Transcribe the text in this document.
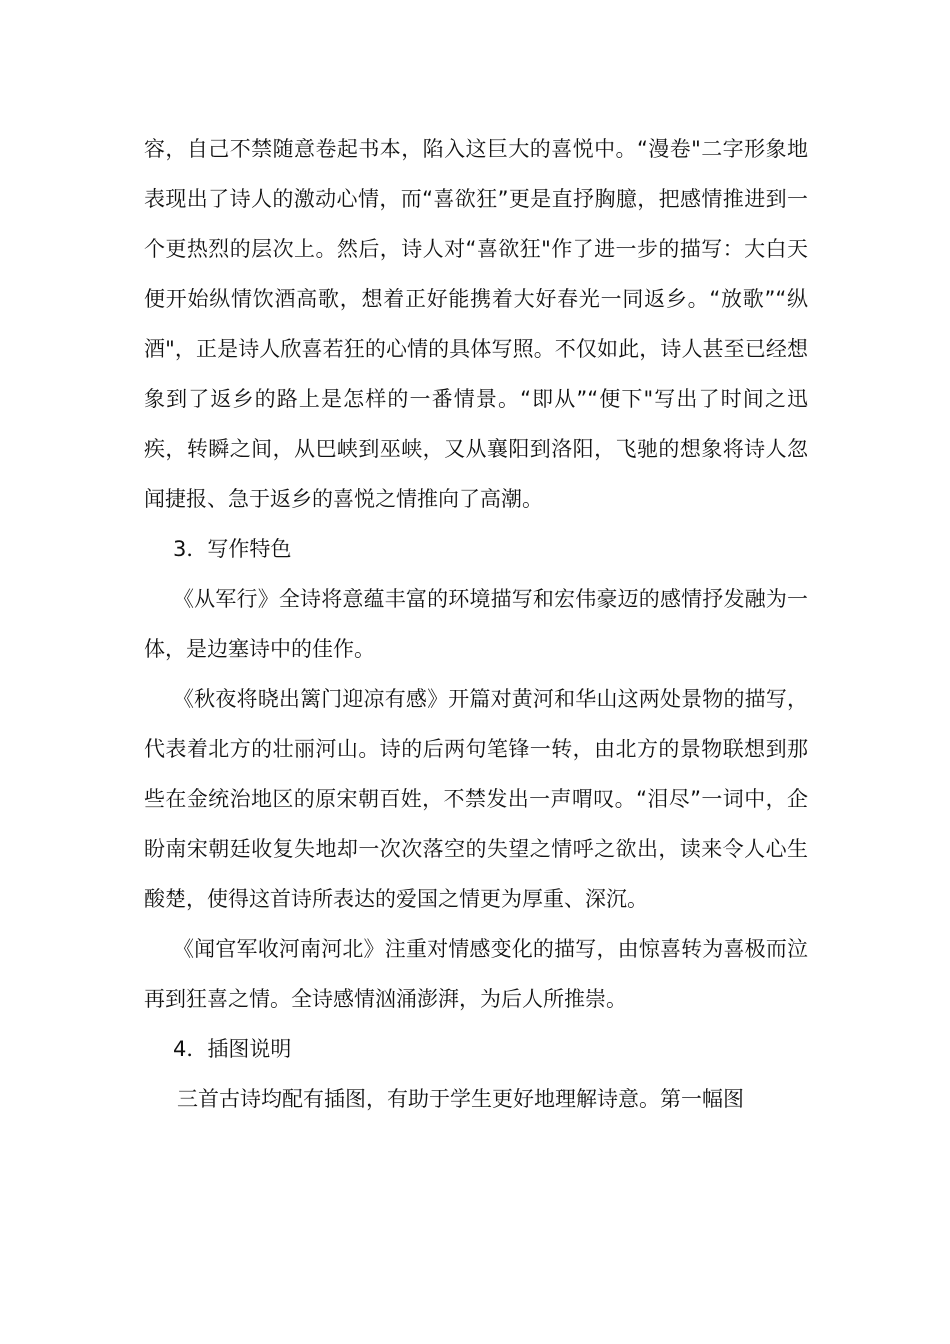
容，自己不禁随意卷起书本，陷入这巨大的喜悦中。“漫卷"二字形象地表现出了诗人的激动心情，而“喜欲狂”更是直抒胸臆，把感情推进到一个更热烈的层次上。然后，诗人对“喜欲狂"作了进一步的描写：大白天便开始纵情饮酒高歌，想着正好能携着大好春光一同返乡。“放歌”“纵酒"，正是诗人欣喜若狂的心情的具体写照。不仅如此，诗人甚至已经想象到了返乡的路上是怎样的一番情景。“即从”“便下"写出了时间之迅疾，转瞬之间，从巴峡到巫峡，又从襄阳到洛阳，飞驰的想象将诗人忽闻捷报、急于返乡的喜悦之情推向了高潮。

3．写作特色

《从军行》全诗将意蕴丰富的环境描写和宏伟豪迈的感情抒发融为一体，是边塞诗中的佳作。

《秋夜将晓出篱门迎凉有感》开篇对黄河和华山这两处景物的描写，代表着北方的壮丽河山。诗的后两句笔锋一转，由北方的景物联想到那些在金统治地区的原宋朝百姓，不禁发出一声喟叹。“泪尽”一词中，企盼南宋朝廷收复失地却一次次落空的失望之情呼之欲出，读来令人心生酸楚，使得这首诗所表达的爱国之情更为厚重、深沉。

《闻官军收河南河北》注重对情感变化的描写，由惊喜转为喜极而泣再到狂喜之情。全诗感情汹涌澎湃，为后人所推崇。

4．插图说明

三首古诗均配有插图，有助于学生更好地理解诗意。第一幅图
